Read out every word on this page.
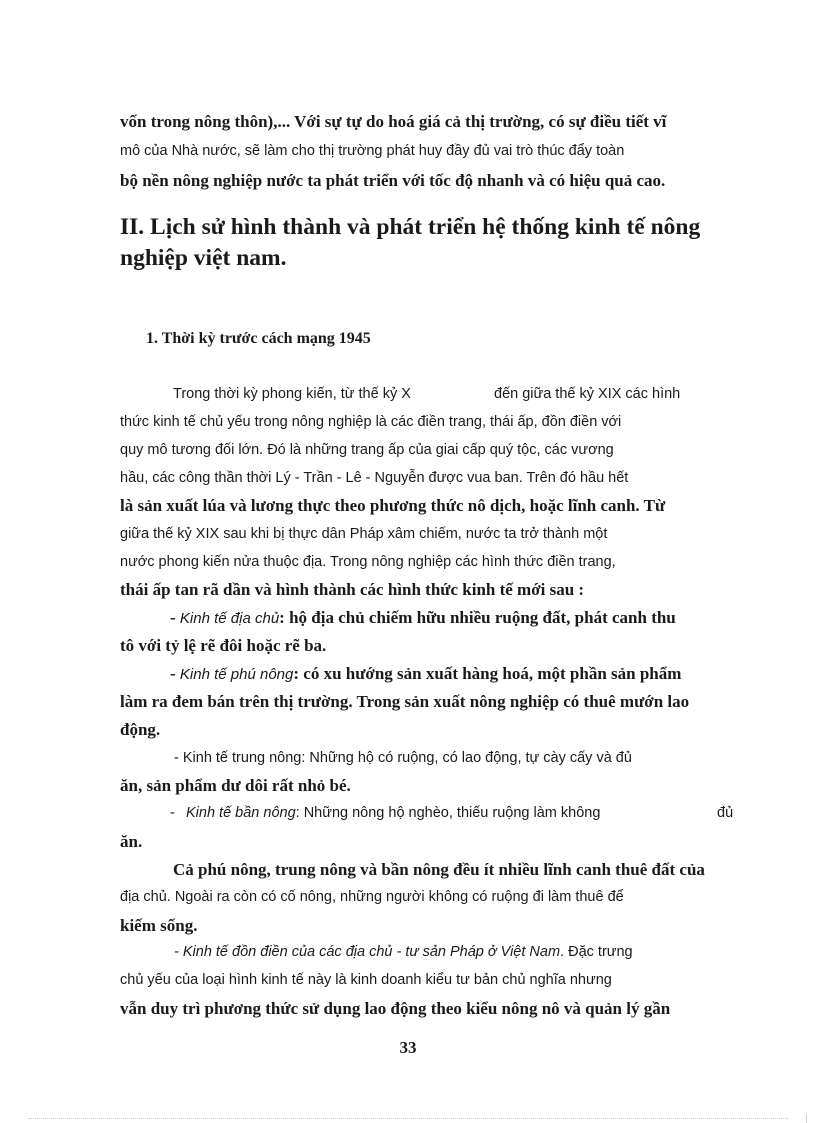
vốn trong nông thôn),... Với sự tự do hoá giá cả thị trường, có sự điều tiết vĩ
mô của Nhà nước, sẽ làm cho thị trường phát huy đầy đủ vai trò thúc đẩy toàn
bộ nền nông nghiệp nước ta phát triển với tốc độ nhanh và có hiệu quả cao.
II. Lịch sử hình thành và phát triển hệ thống kinh tế nông nghiệp việt nam.
1. Thời kỳ trước cách mạng 1945
Trong thời kỳ phong kiến, từ thế kỷ X	đến giữa thế kỷ XIX các hình
thức kinh tế chủ yếu trong nông nghiệp là các điền trang, thái ấp, đồn điền với
quy mô tương đối lớn. Đó là những trang ấp của giai cấp quý tộc, các vương
hầu, các công thần thời Lý - Trần - Lê - Nguyễn được vua ban. Trên đó hầu hết
là sản xuất lúa và lương thực theo phương thức nô dịch, hoặc lĩnh canh. Từ
giữa thế kỷ XIX sau khi bị thực dân Pháp xâm chiếm, nước ta trở thành một
nước phong kiến nửa thuộc địa. Trong nông nghiệp các hình thức điền trang,
thái ấp tan rã dần và hình thành các hình thức kinh tế mới sau :
- Kinh tế địa chủ: hộ địa chủ chiếm hữu nhiều ruộng đất, phát canh thu
tô với tỷ lệ rẽ đôi hoặc rẽ ba.
- Kinh tế phú nông: có xu hướng sản xuất hàng hoá, một phần sản phẩm
làm ra đem bán trên thị trường. Trong sản xuất nông nghiệp có thuê mướn lao
động.
- Kinh tế trung nông: Những hộ có ruộng, có lao động, tự cày cấy và đủ
ăn, sản phẩm dư dôi rất nhỏ bé.
- Kinh tế bần nông: Những nông hộ nghèo, thiếu ruộng làm không	đủ
ăn.
Cả phú nông, trung nông và bần nông đều ít nhiều lĩnh canh thuê đất của
địa chủ. Ngoài ra còn có cố nông, những người không có ruộng đi làm thuê để
kiếm sống.
- Kinh tế đồn điền của các địa chủ - tư sản Pháp ở Việt Nam. Đặc trưng
chủ yếu của loại hình kinh tế này là kinh doanh kiểu tư bản chủ nghĩa nhưng
vẫn duy trì phương thức sử dụng lao động theo kiểu nông nô và quản lý gần
33
